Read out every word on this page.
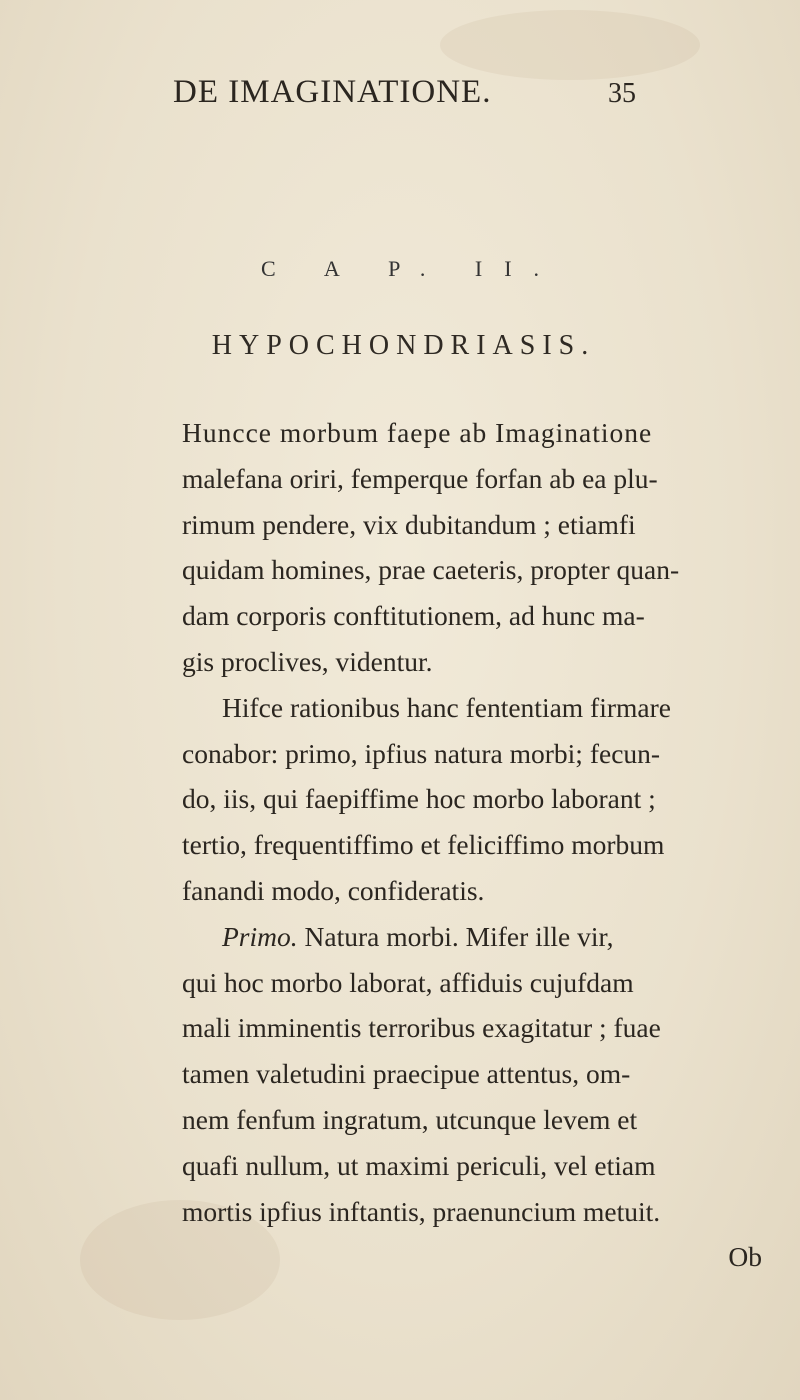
DE IMAGINATIONE.	35
C A P. II.
HYPOCHONDRIASIS.
Huncce morbum faepe ab Imaginatione
malefana oriri, femperque forfan ab ea plu-
rimum pendere, vix dubitandum ; etiamfi
quidam homines, prae caeteris, propter quan-
dam corporis conftitutionem, ad hunc ma-
gis proclives, videntur.
Hifce rationibus hanc fententiam firmare
conabor: primo, ipfius natura morbi; fecun-
do, iis, qui faepiffime hoc morbo laborant ;
tertio, frequentiffimo et feliciffimo morbum
fanandi modo, confideratis.
Primo. Natura morbi. Mifer ille vir,
qui hoc morbo laborat, affiduis cujufdam
mali imminentis terroribus exagitatur ; fuae
tamen valetudini praecipue attentus, om-
nem fenfum ingratum, utcunque levem et
quafi nullum, ut maximi periculi, vel etiam
mortis ipfius inftantis, praenuncium metuit.
Ob
